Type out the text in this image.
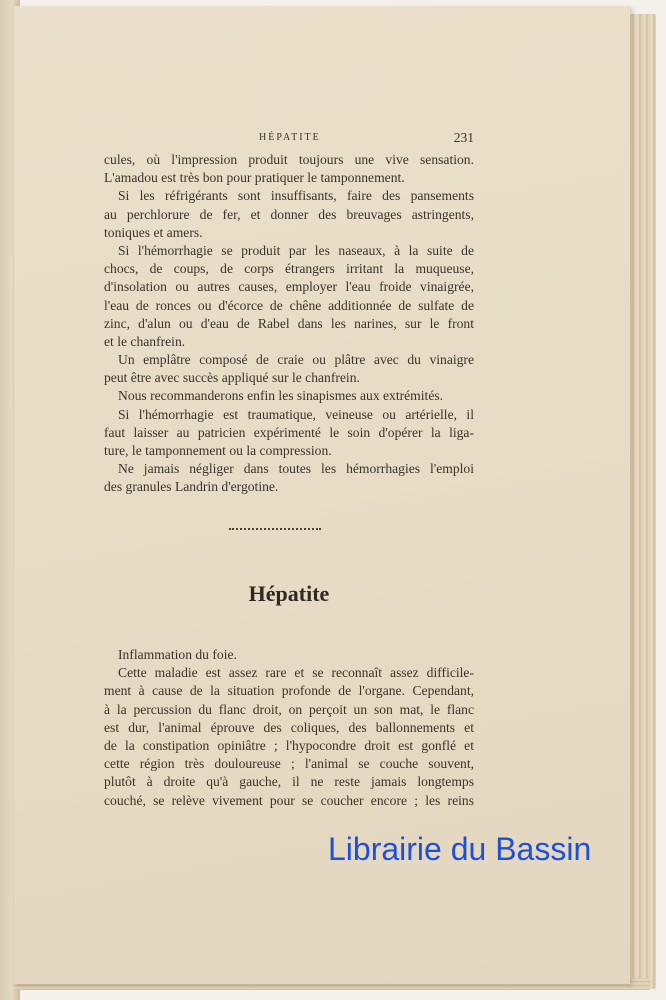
HÉPATITE	231
cules, où l'impression produit toujours une vive sensation.
L'amadou est très bon pour pratiquer le tamponnement.
Si les réfrigérants sont insuffisants, faire des pansements
au perchlorure de fer, et donner des breuvages astringents,
toniques et amers.
Si l'hémorrhagie se produit par les naseaux, à la suite de
chocs, de coups, de corps étrangers irritant la muqueuse,
d'insolation ou autres causes, employer l'eau froide vinaigrée,
l'eau de ronces ou d'écorce de chêne additionnée de sulfate de
zinc, d'alun ou d'eau de Rabel dans les narines, sur le front
et le chanfrein.
Un emplâtre composé de craie ou plâtre avec du vinaigre
peut être avec succès appliqué sur le chanfrein.
Nous recommanderons enfin les sinapismes aux extrémités.
Si l'hémorrhagie est traumatique, veineuse ou artérielle, il
faut laisser au patricien expérimenté le soin d'opérer la liga-
ture, le tamponnement ou la compression.
Ne jamais négliger dans toutes les hémorrhagies l'emploi
des granules Landrin d'ergotine.
Hépatite
Inflammation du foie.
Cette maladie est assez rare et se reconnaît assez difficile-
ment à cause de la situation profonde de l'organe. Cependant,
à la percussion du flanc droit, on perçoit un son mat, le flanc
est dur, l'animal éprouve des coliques, des ballonnements et
de la constipation opiniâtre ; l'hypocondre droit est gonflé et
cette région très douloureuse ; l'animal se couche souvent,
plutôt à droite qu'à gauche, il ne reste jamais longtemps
couché, se relève vivement pour se coucher encore ; les reins
Librairie du Bassin
